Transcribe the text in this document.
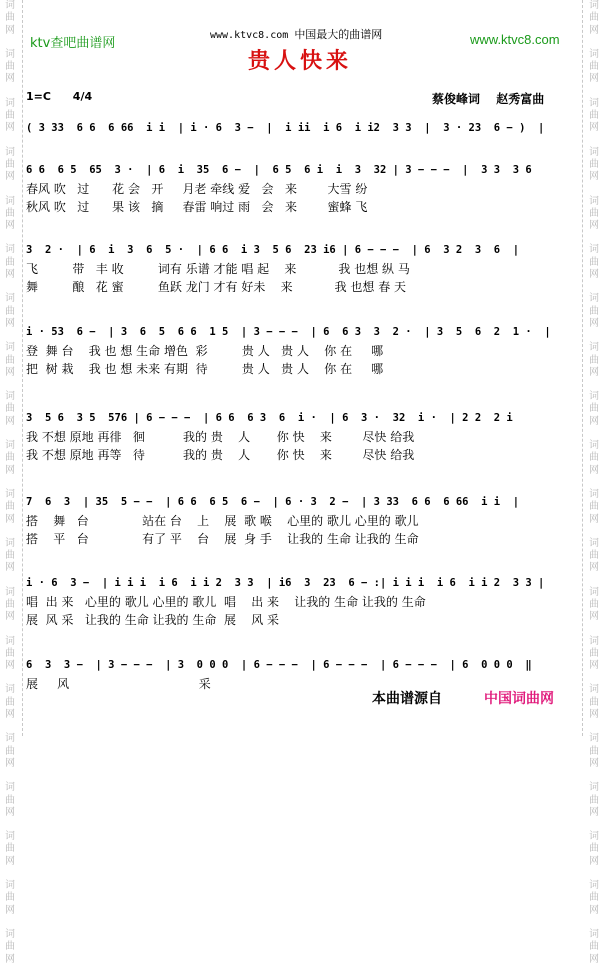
词
曲
网
词
曲
网
词
曲
网
词
曲
网
词
曲
网
词
曲
网
词
曲
网
词
曲
网
词
曲
网
词
曲
网
词
曲
网
词
曲
网
词
曲
网
词
曲
网
词
曲
网
词
曲
网
词
曲
网
词
曲
网
词
曲
网
词
曲
网
词
曲
网
词
曲
网
词
曲
网
词
曲
网
词
曲
网
词
曲
网
词
曲
网
词
曲
网
词
曲
网
词
曲
网
词
曲
网
词
曲
网
词
曲
网
词
曲
网
词
曲
网
词
曲
网
词
曲
网
词
曲
网
词
曲
网
词
曲
网
ktv查吧曲谱网
www.ktvc8.com 中国最大的曲谱网	www.ktvc8.com
贵人快来
1=C 4/4	蔡俊峰词 赵秀富曲
( 3 33  6 6  6 66  i i  | i · 6  3 −  |  i ii  i 6  i i2  3 3  |  3 · 23  6 − )  |
6 6  6 5  65  3 ·  | 6  i  35  6 −  |  6 5  6 i  i  3  32 | 3 − − −  |  3 3  3 6
春风 吹   过      花 会   开     月老 牵线 爱   会   来        大雪 纷
秋风 吹   过      果 该   摘     春雷 响过 雨   会   来        蜜蜂 飞
3  2 ·  | 6  i  3  6  5 ·  | 6 6  i 3  5 6  23 i6 | 6 − − −  | 6  3 2  3  6  |
飞         带   丰 收         词有 乐谱 才能 唱 起    来           我 也想 纵 马
舞         酿   花 蜜         鱼跃 龙门 才有 好未    来           我 也想 春 天
i · 53  6 −  | 3  6  5  6 6  1 5  | 3 − − −  | 6  6 3  3  2 ·  | 3  5  6  2  1 ·  |
登  舞 台    我 也 想 生命 增色  彩         贵 人   贵 人    你 在     哪
把  树 栽    我 也 想 未来 有期  待         贵 人   贵 人    你 在     哪
3  5 6  3 5  576 | 6 − − −  | 6 6  6 3  6  i ·  | 6  3 ·  32  i ·  | 2 2  2 i
我 不想 原地 再徘   徊          我的 贵    人       你 快    来        尽快 给我
我 不想 原地 再等   待          我的 贵    人       你 快    来        尽快 给我
7  6  3  | 35  5 − −  | 6 6  6 5  6 −  | 6 · 3  2 −  | 3 33  6 6  6 66  i i  |
搭    舞   台              站在 台    上    展  歌 喉    心里的 歌儿 心里的 歌儿
搭    平   台              有了 平    台    展  身 手    让我的 生命 让我的 生命
i · 6  3 −  | i i i  i 6  i i 2  3 3  | i6  3  23  6 − :| i i i  i 6  i i 2  3 3 |
唱  出 来   心里的 歌儿 心里的 歌儿  唱    出 来    让我的 生命 让我的 生命
展  风 采   让我的 生命 让我的 生命  展    风 采
6  3  3 −  | 3 − − −  | 3  0 0 0  | 6 − − −  | 6 − − −  | 6 − − −  | 6  0 0 0  ‖
展     风                                  采
本曲谱源自	中国词曲网
